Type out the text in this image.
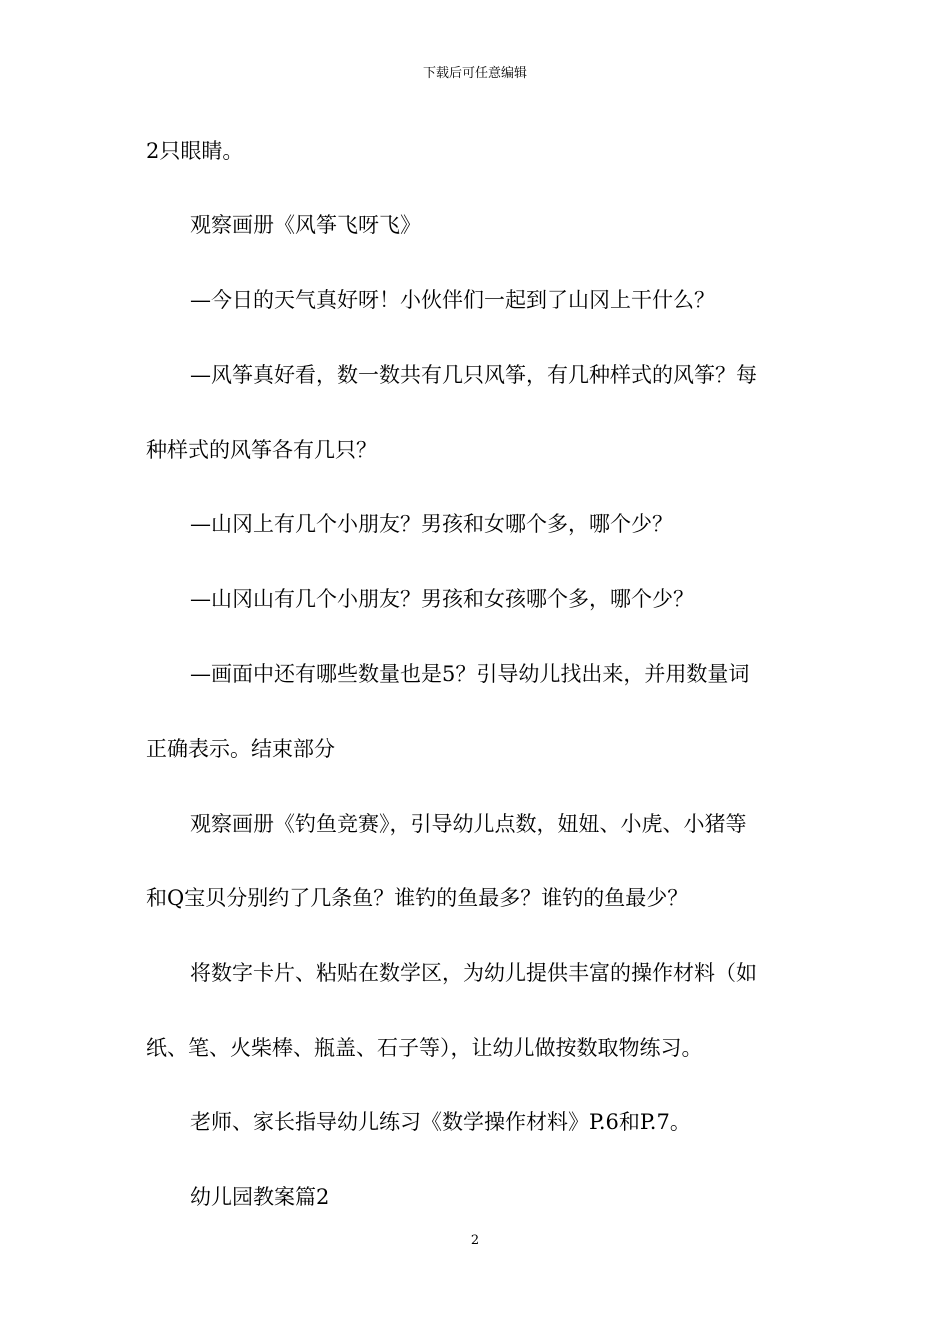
下载后可任意编辑
2只眼睛。
观察画册《风筝飞呀飞》
—今日的天气真好呀！小伙伴们一起到了山冈上干什么？
—风筝真好看，数一数共有几只风筝，有几种样式的风筝？每
种样式的风筝各有几只？
—山冈上有几个小朋友？男孩和女哪个多，哪个少？
—山冈山有几个小朋友？男孩和女孩哪个多，哪个少？
—画面中还有哪些数量也是5？引导幼儿找出来，并用数量词
正确表示。结束部分
观察画册《钓鱼竞赛》，引导幼儿点数，妞妞、小虎、小猪等
和Q宝贝分别约了几条鱼？谁钓的鱼最多？谁钓的鱼最少？
将数字卡片、粘贴在数学区，为幼儿提供丰富的操作材料（如
纸、笔、火柴棒、瓶盖、石子等），让幼儿做按数取物练习。
老师、家长指导幼儿练习《数学操作材料》P.6和P.7。
幼儿园教案篇2
2
